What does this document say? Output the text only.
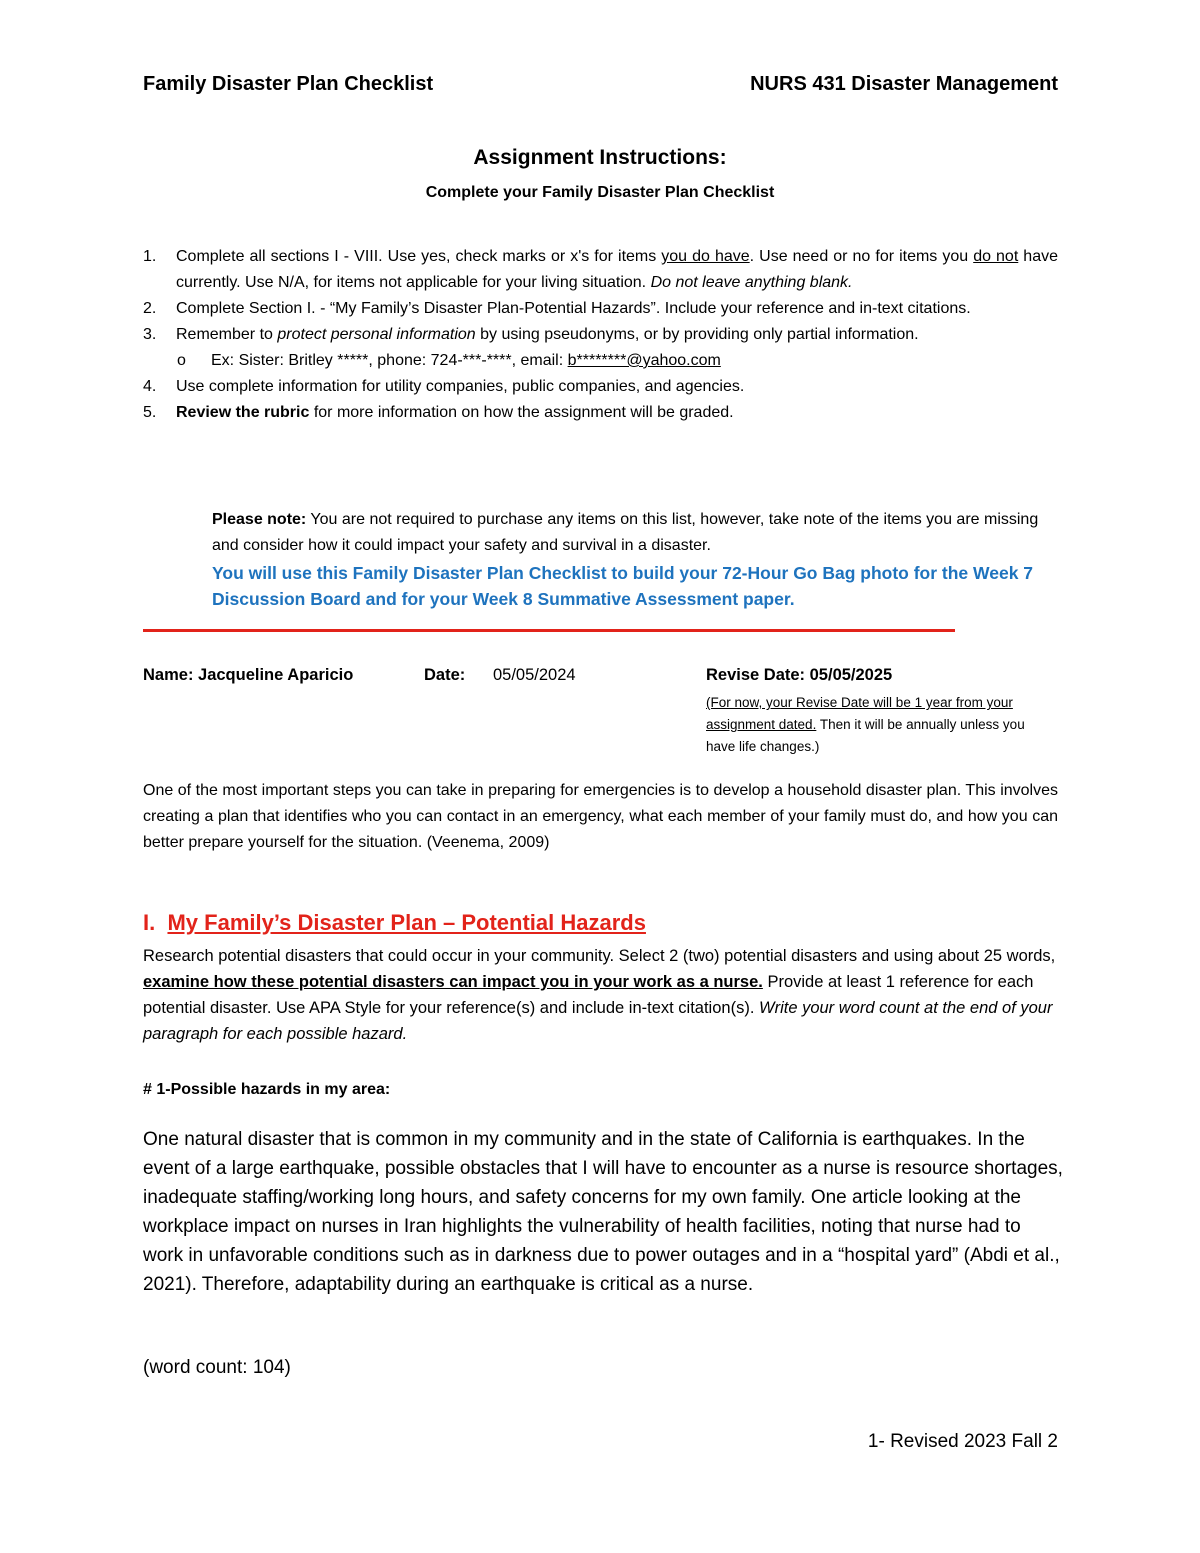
Family Disaster Plan Checklist	NURS 431 Disaster Management
Assignment Instructions:
Complete your Family Disaster Plan Checklist
1. Complete all sections I - VIII. Use yes, check marks or x's for items you do have. Use need or no for items you do not have currently. Use N/A, for items not applicable for your living situation. Do not leave anything blank.
2. Complete Section I. - “My Family’s Disaster Plan-Potential Hazards”. Include your reference and in-text citations.
3. Remember to protect personal information by using pseudonyms, or by providing only partial information.
o Ex: Sister: Britley *****, phone: 724-***-****, email: b********@yahoo.com
4. Use complete information for utility companies, public companies, and agencies.
5. Review the rubric for more information on how the assignment will be graded.
Please note: You are not required to purchase any items on this list, however, take note of the items you are missing and consider how it could impact your safety and survival in a disaster.
You will use this Family Disaster Plan Checklist to build your 72-Hour Go Bag photo for the Week 7 Discussion Board and for your Week 8 Summative Assessment paper.
Name: Jacqueline Aparicio	Date: 05/05/2024	Revise Date: 05/05/2025
(For now, your Revise Date will be 1 year from your assignment dated. Then it will be annually unless you have life changes.)
One of the most important steps you can take in preparing for emergencies is to develop a household disaster plan. This involves creating a plan that identifies who you can contact in an emergency, what each member of your family must do, and how you can better prepare yourself for the situation. (Veenema, 2009)
I. My Family’s Disaster Plan – Potential Hazards
Research potential disasters that could occur in your community. Select 2 (two) potential disasters and using about 25 words, examine how these potential disasters can impact you in your work as a nurse. Provide at least 1 reference for each potential disaster. Use APA Style for your reference(s) and include in-text citation(s). Write your word count at the end of your paragraph for each possible hazard.
# 1-Possible hazards in my area:
One natural disaster that is common in my community and in the state of California is earthquakes. In the event of a large earthquake, possible obstacles that I will have to encounter as a nurse is resource shortages, inadequate staffing/working long hours, and safety concerns for my own family. One article looking at the workplace impact on nurses in Iran highlights the vulnerability of health facilities, noting that nurse had to work in unfavorable conditions such as in darkness due to power outages and in a “hospital yard” (Abdi et al., 2021). Therefore, adaptability during an earthquake is critical as a nurse.
(word count: 104)
1- Revised 2023 Fall 2
